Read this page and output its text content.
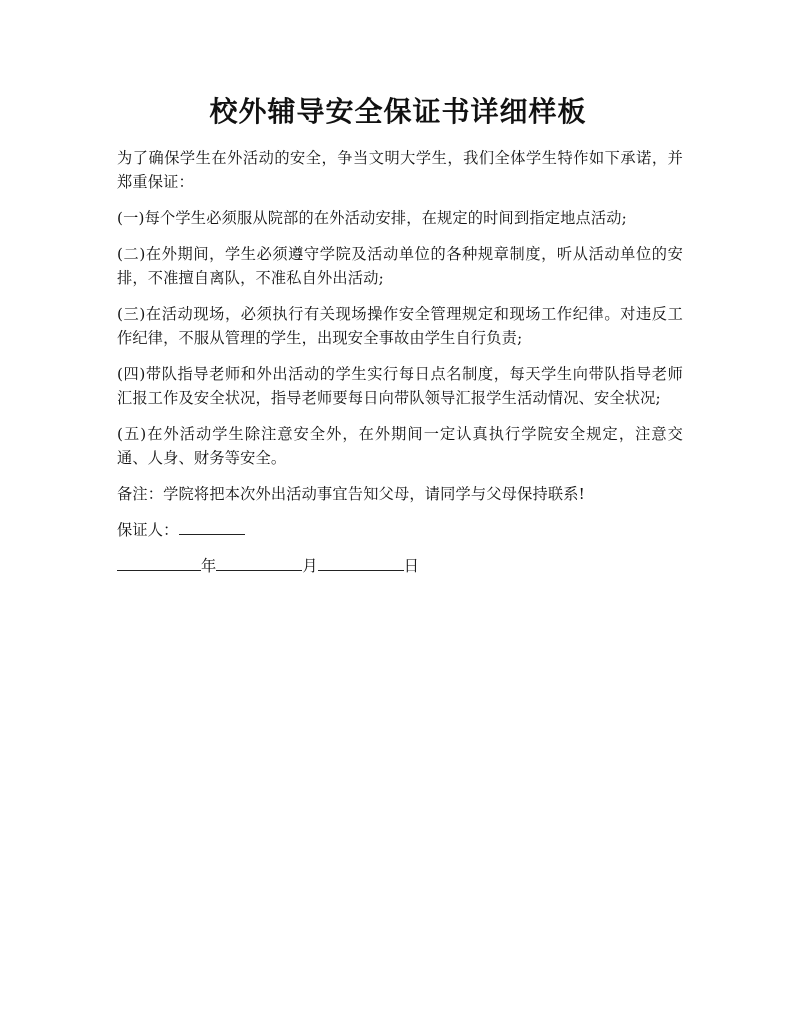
校外辅导安全保证书详细样板

为了确保学生在外活动的安全，争当文明大学生，我们全体学生特作如下承诺，并郑重保证：

(一)每个学生必须服从院部的在外活动安排，在规定的时间到指定地点活动;

(二)在外期间，学生必须遵守学院及活动单位的各种规章制度，听从活动单位的安排，不准擅自离队，不准私自外出活动;

(三)在活动现场，必须执行有关现场操作安全管理规定和现场工作纪律。对违反工作纪律，不服从管理的学生，出现安全事故由学生自行负责;

(四)带队指导老师和外出活动的学生实行每日点名制度，每天学生向带队指导老师汇报工作及安全状况，指导老师要每日向带队领导汇报学生活动情况、安全状况;

(五)在外活动学生除注意安全外，在外期间一定认真执行学院安全规定，注意交通、人身、财务等安全。

备注：学院将把本次外出活动事宜告知父母，请同学与父母保持联系!

保证人：

年	月	日
